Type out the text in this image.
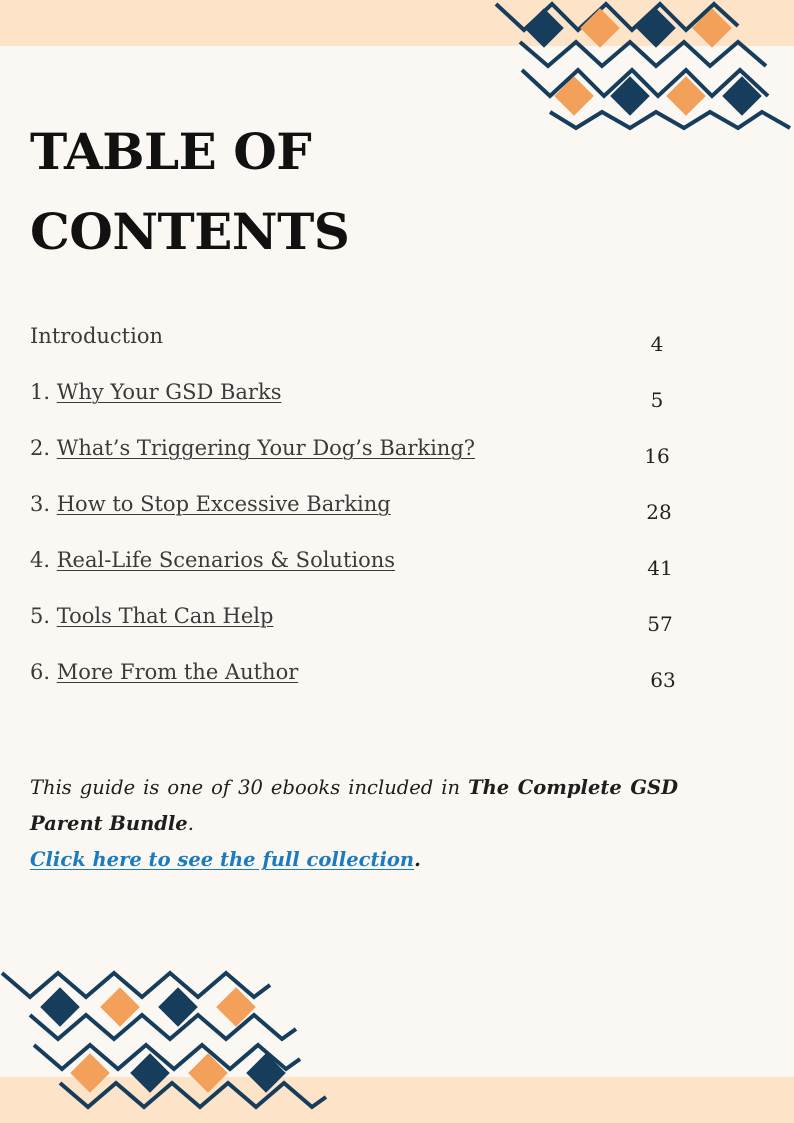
TABLE OF
CONTENTS
Introduction	4
1. Why Your GSD Barks	5
2. What’s Triggering Your Dog’s Barking?	16
3. How to Stop Excessive Barking	28
4. Real-Life Scenarios & Solutions	41
5. Tools That Can Help	57
6. More From the Author	63

This guide is one of 30 ebooks included in The Complete GSD Parent Bundle.

Click here to see the full collection.
